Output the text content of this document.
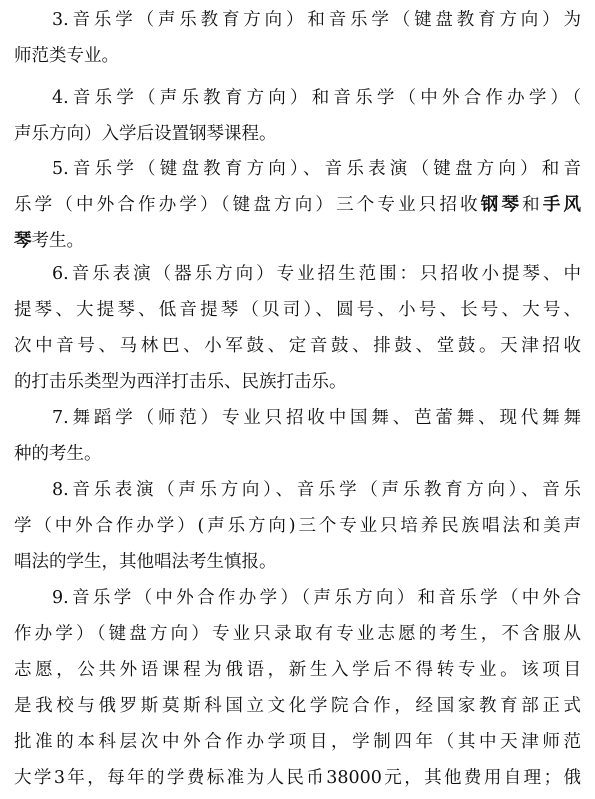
3.音乐学（声乐教育方向）和音乐学（键盘教育方向）为
师范类专业。
4.音乐学（声乐教育方向）和音乐学（中外合作办学）（
声乐方向）入学后设置钢琴课程。
5.音乐学（键盘教育方向）、音乐表演（键盘方向）和音
乐学（中外合作办学）（键盘方向）三个专业只招收钢琴和手风
琴考生。
6.音乐表演（器乐方向）专业招生范围：只招收小提琴、中
提琴、大提琴、低音提琴（贝司）、圆号、小号、长号、大号、
次中音号、马林巴、小军鼓、定音鼓、排鼓、堂鼓。天津招收
的打击乐类型为西洋打击乐、民族打击乐。
7.舞蹈学（师范）专业只招收中国舞、芭蕾舞、现代舞舞
种的考生。
8.音乐表演（声乐方向）、音乐学（声乐教育方向）、音乐
学（中外合作办学）(声乐方向)三个专业只培养民族唱法和美声
唱法的学生，其他唱法考生慎报。
9.音乐学（中外合作办学）（声乐方向）和音乐学（中外合
作办学）（键盘方向）专业只录取有专业志愿的考生，不含服从
志愿，公共外语课程为俄语，新生入学后不得转专业。该项目
是我校与俄罗斯莫斯科国立文化学院合作，经国家教育部正式
批准的本科层次中外合作办学项目，学制四年（其中天津师范
大学3年，每年的学费标准为人民币38000元，其他费用自理；俄
